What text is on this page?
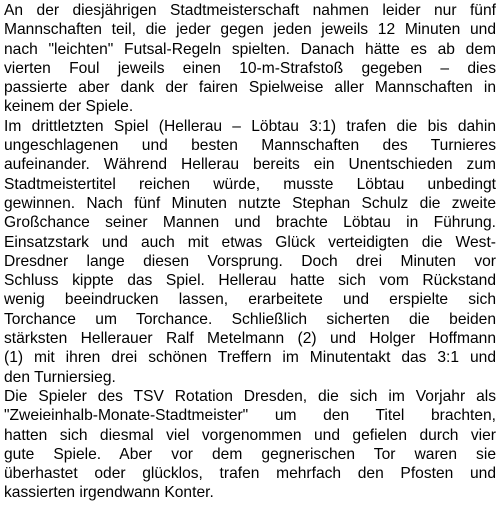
An der diesjährigen Stadtmeisterschaft nahmen leider nur fünf
Mannschaften teil, die jeder gegen jeden jeweils 12 Minuten und
nach "leichten" Futsal-Regeln spielten. Danach hätte es ab dem
vierten Foul jeweils einen 10-m-Strafstoß gegeben – dies
passierte aber dank der fairen Spielweise aller Mannschaften in
keinem der Spiele.

Im drittletzten Spiel (Hellerau – Löbtau 3:1) trafen die bis dahin
ungeschlagenen und besten Mannschaften des Turnieres
aufeinander. Während Hellerau bereits ein Unentschieden zum
Stadtmeistertitel reichen würde, musste Löbtau unbedingt
gewinnen. Nach fünf Minuten nutzte Stephan Schulz die zweite
Großchance seiner Mannen und brachte Löbtau in Führung.
Einsatzstark und auch mit etwas Glück verteidigten die West-
Dresdner lange diesen Vorsprung. Doch drei Minuten vor
Schluss kippte das Spiel. Hellerau hatte sich vom Rückstand
wenig beeindrucken lassen, erarbeitete und erspielte sich
Torchance um Torchance. Schließlich sicherten die beiden
stärksten Hellerauer Ralf Metelmann (2) und Holger Hoffmann
(1) mit ihren drei schönen Treffern im Minutentakt das 3:1 und
den Turniersieg.

Die Spieler des TSV Rotation Dresden, die sich im Vorjahr als
"Zweieinhalb-Monate-Stadtmeister" um den Titel brachten,
hatten sich diesmal viel vorgenommen und gefielen durch vier
gute Spiele. Aber vor dem gegnerischen Tor waren sie
überhastet oder glücklos, trafen mehrfach den Pfosten und
kassierten irgendwann Konter.
